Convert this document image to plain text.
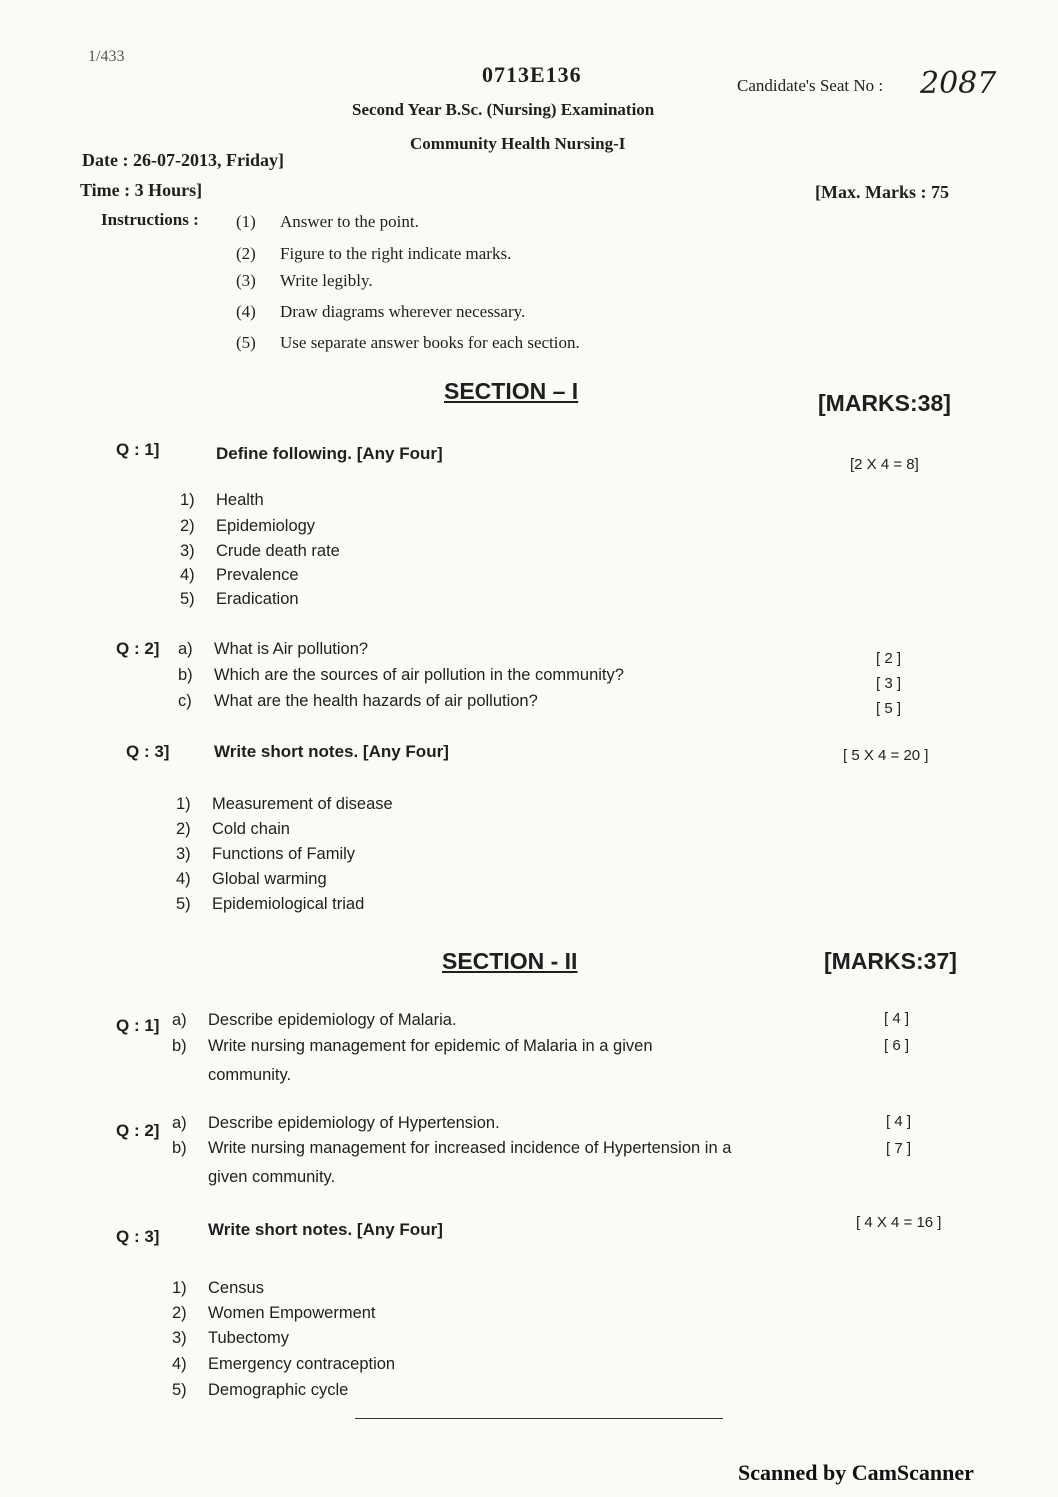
1/433
0713E136	Candidate's Seat No : 2087
Second Year B.Sc. (Nursing) Examination
Community Health Nursing-I
Date : 26-07-2013, Friday]
Time : 3 Hours]	[Max. Marks : 75
Instructions : (1) Answer to the point.
(2) Figure to the right indicate marks.
(3) Write legibly.
(4) Draw diagrams wherever necessary.
(5) Use separate answer books for each section.
SECTION – I	[MARKS:38]
Q : 1]	Define following. [Any Four]
[2 X 4 = 8]
1) Health
2) Epidemiology
3) Crude death rate
4) Prevalence
5) Eradication
Q : 2] a) What is Air pollution?
b) Which are the sources of air pollution in the community?
c) What are the health hazards of air pollution?
[ 2 ]
[ 3 ]
[ 5 ]
Q : 3]	Write short notes. [Any Four]	[ 5 X 4 = 20 ]
1) Measurement of disease
2) Cold chain
3) Functions of Family
4) Global warming
5) Epidemiological triad
SECTION - II	[MARKS:37]
Q : 1] a) Describe epidemiology of Malaria.
b) Write nursing management for epidemic of Malaria in a given
community.
[ 4 ]
[ 6 ]
Q : 2] a) Describe epidemiology of Hypertension.
b) Write nursing management for increased incidence of Hypertension in a
given community.
[ 4 ]
[ 7 ]
Q : 3]	Write short notes. [Any Four]	[ 4 X 4 = 16 ]
1) Census
2) Women Empowerment
3) Tubectomy
4) Emergency contraception
5) Demographic cycle
Scanned by CamScanner
